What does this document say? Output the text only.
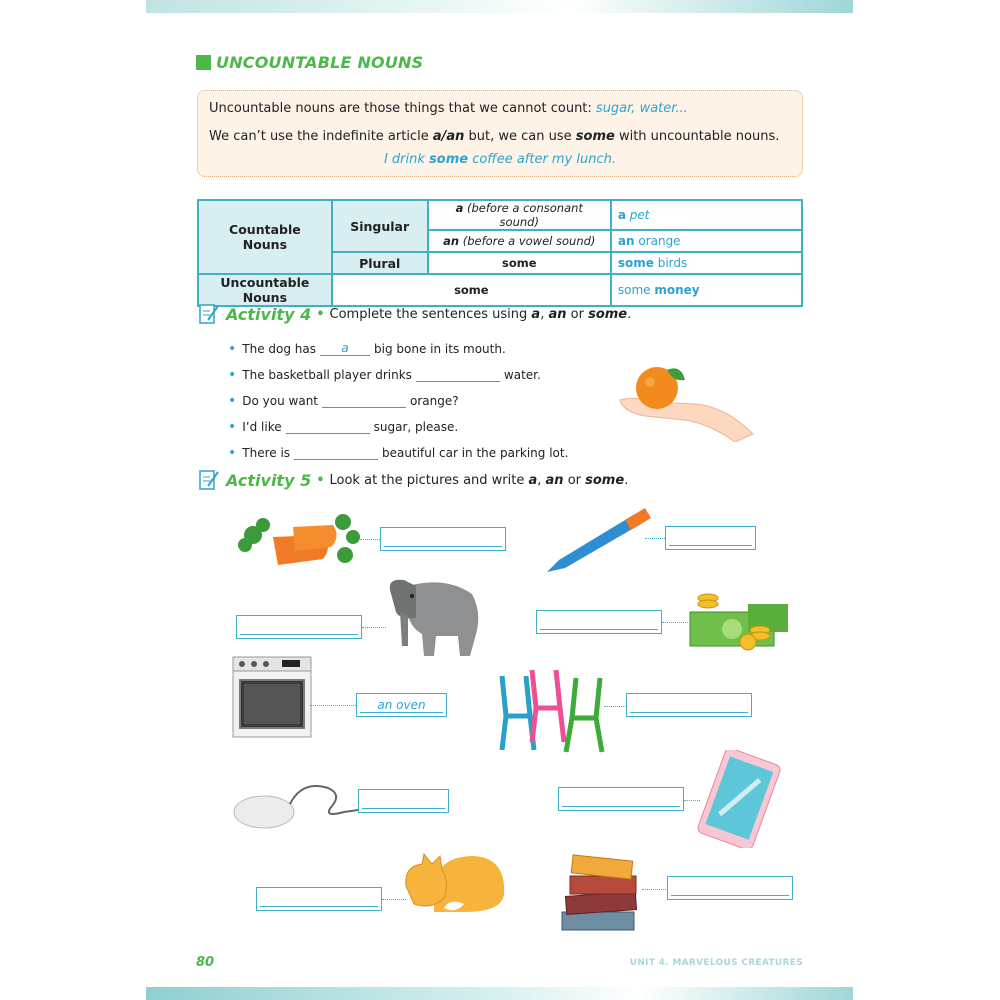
UNCOUNTABLE NOUNS
Uncountable nouns are those things that we cannot count: sugar, water...
We can’t use the indefinite article a/an but, we can use some with uncountable nouns.
I drink some coffee after my lunch.
Countable Nouns	Singular	a (before a consonant sound)	a pet
		an (before a vowel sound)	an orange
	Plural	some	some birds
Uncountable Nouns	some		some money
Activity 4 • Complete the sentences using a, an or some.
• The dog has	a	big bone in its mouth.
• The basketball player drinks	water.
• Do you want	orange?
• I’d like	sugar, please.
• There is	beautiful car in the parking lot.
Activity 5 • Look at the pictures and write a, an or some.
an oven
80	UNIT 4. MARVELOUS CREATURES
